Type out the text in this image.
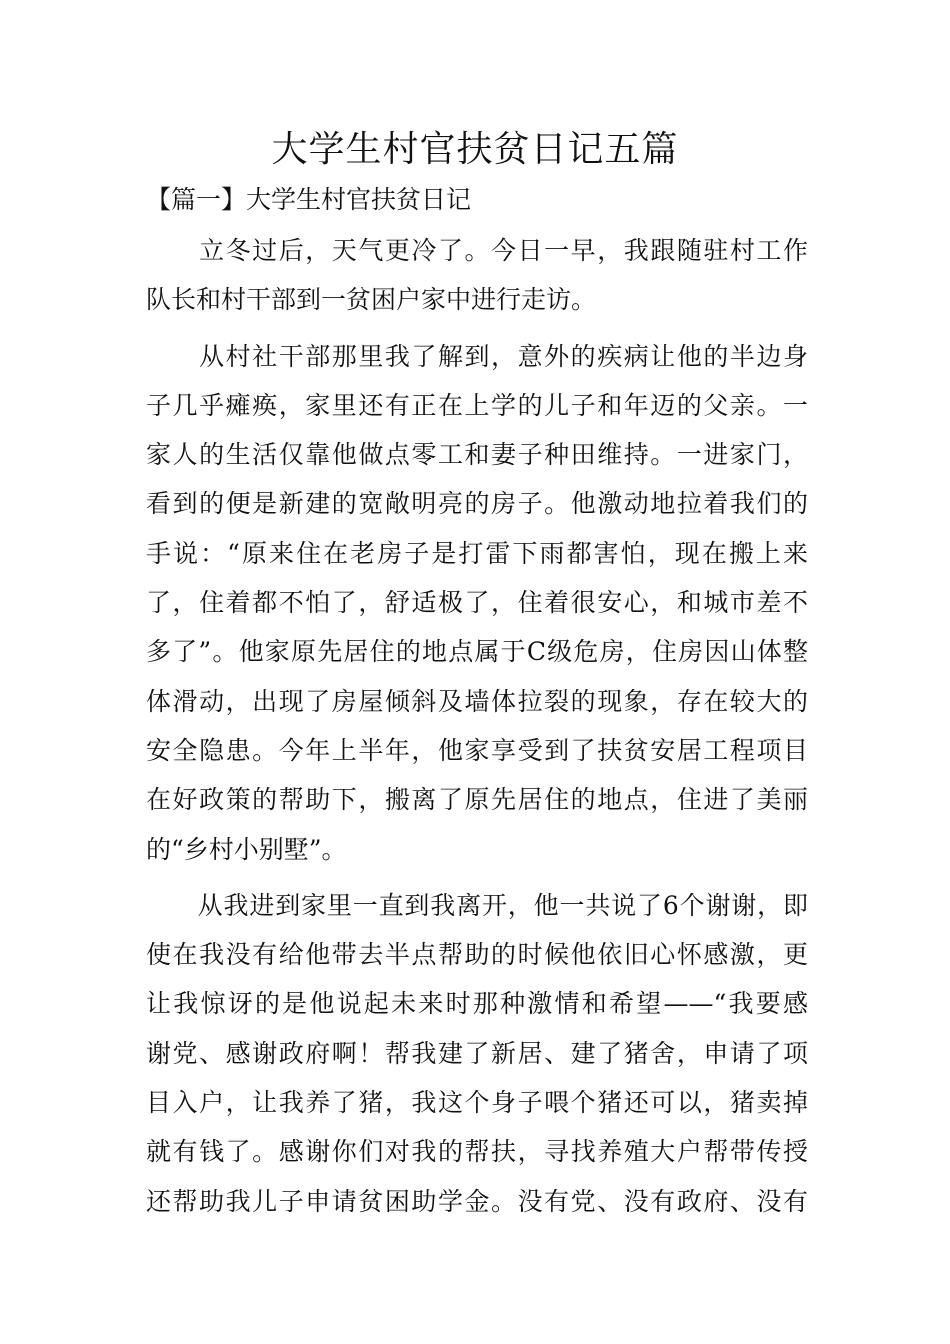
大学生村官扶贫日记五篇

【篇一】大学生村官扶贫日记

　　立冬过后，天气更冷了。今日一早，我跟随驻村工作
队长和村干部到一贫困户家中进行走访。
　　从村社干部那里我了解到，意外的疾病让他的半边身
子几乎瘫痪，家里还有正在上学的儿子和年迈的父亲。一
家人的生活仅靠他做点零工和妻子种田维持。一进家门，
看到的便是新建的宽敞明亮的房子。他激动地拉着我们的
手说：“原来住在老房子是打雷下雨都害怕，现在搬上来
了，住着都不怕了，舒适极了，住着很安心，和城市差不
多了”。他家原先居住的地点属于C级危房，住房因山体整
体滑动，出现了房屋倾斜及墙体拉裂的现象，存在较大的
安全隐患。今年上半年，他家享受到了扶贫安居工程项目
在好政策的帮助下，搬离了原先居住的地点，住进了美丽
的“乡村小别墅”。
　　从我进到家里一直到我离开，他一共说了6个谢谢，即
使在我没有给他带去半点帮助的时候他依旧心怀感激，更
让我惊讶的是他说起未来时那种激情和希望——“我要感
谢党、感谢政府啊！帮我建了新居、建了猪舍，申请了项
目入户，让我养了猪，我这个身子喂个猪还可以，猪卖掉
就有钱了。感谢你们对我的帮扶，寻找养殖大户帮带传授
还帮助我儿子申请贫困助学金。没有党、没有政府、没有
